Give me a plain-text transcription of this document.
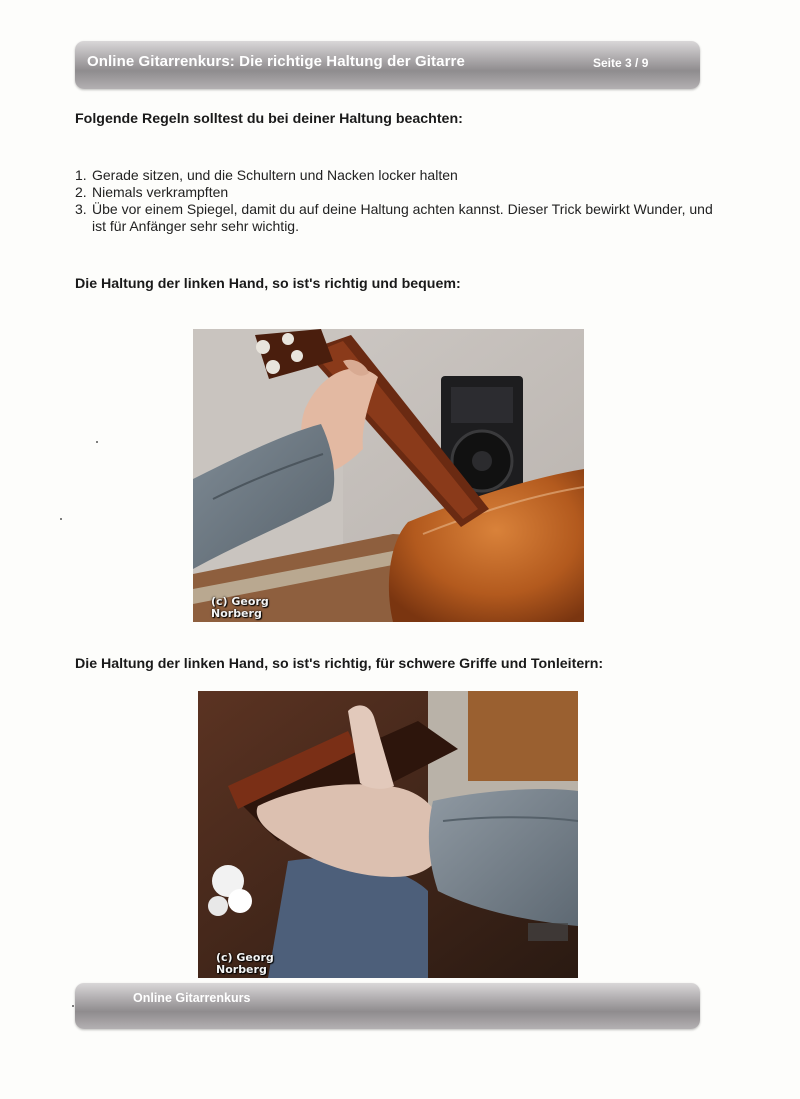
Online Gitarrenkurs: Die richtige Haltung der Gitarre	Seite 3 / 9
Folgende Regeln solltest du bei deiner Haltung beachten:
1. Gerade sitzen, und die Schultern und Nacken locker halten
2. Niemals verkrampften
3. Übe vor einem Spiegel, damit du auf deine Haltung achten kannst. Dieser Trick bewirkt Wunder, und ist für Anfänger sehr sehr wichtig.
Die Haltung der linken Hand, so ist's richtig und bequem:
(c) Georg
Norberg
Die Haltung der linken Hand, so ist's richtig, für schwere Griffe und Tonleitern:
(c) Georg
Norberg
Online Gitarrenkurs
